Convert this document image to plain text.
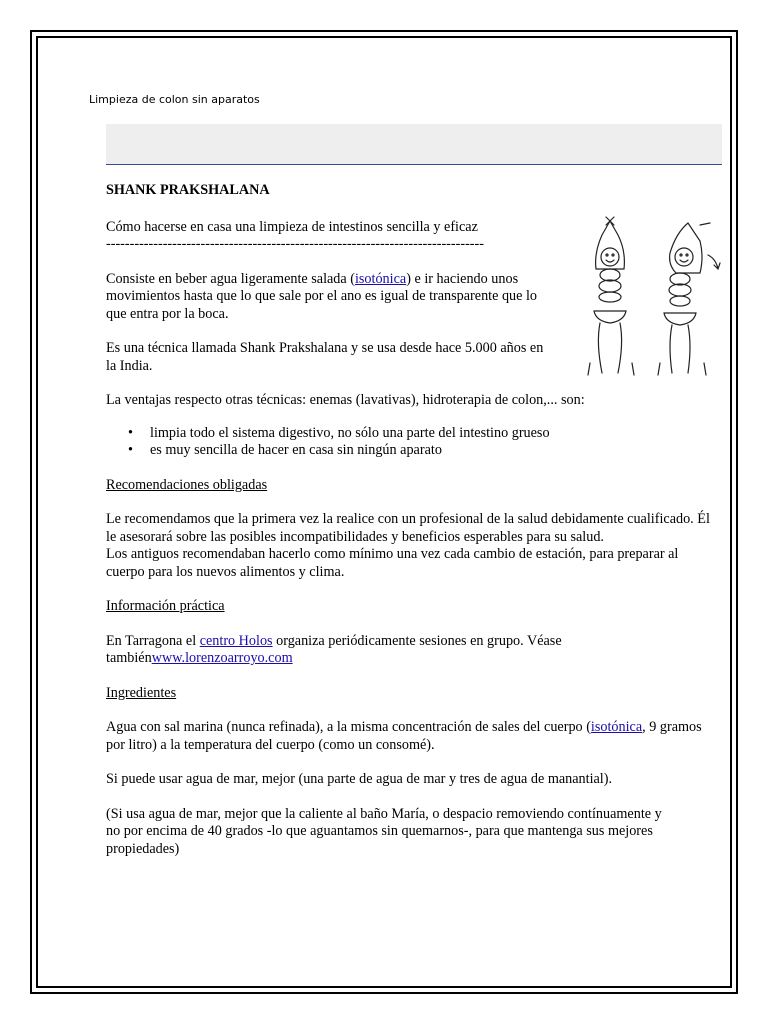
Limpieza de colon sin aparatos

SHANK PRAKSHALANA

Cómo hacerse en casa una limpieza de intestinos sencilla y eficaz

--------------------------------------------------------------------------------

Consiste en beber agua ligeramente salada (isotónica) e ir haciendo unos movimientos hasta que lo que sale por el ano es igual de transparente que lo que entra por la boca.

Es una técnica llamada Shank Prakshalana y se usa desde hace 5.000 años en la India.

La ventajas respecto otras técnicas: enemas (lavativas), hidroterapia de colon,... son:

• limpia todo el sistema digestivo, no sólo una parte del intestino grueso
• es muy sencilla de hacer en casa sin ningún aparato

Recomendaciones obligadas

Le recomendamos que la primera vez la realice con un profesional de la salud debidamente cualificado. Él le asesorará sobre las posibles incompatibilidades y beneficios esperables para su salud.

Los antiguos recomendaban hacerlo como mínimo una vez cada cambio de estación, para preparar al cuerpo para los nuevos alimentos y clima.

Información práctica

En Tarragona el centro Holos organiza periódicamente sesiones en grupo. Véase tambiénwww.lorenzoarroyo.com

Ingredientes

Agua con sal marina (nunca refinada), a la misma concentración de sales del cuerpo (isotónica, 9 gramos por litro) a la temperatura del cuerpo (como un consomé).

Si puede usar agua de mar, mejor (una parte de agua de mar y tres de agua de manantial).

(Si usa agua de mar, mejor que la caliente al baño María, o despacio removiendo contínuamente y no por encima de 40 grados -lo que aguantamos sin quemarnos-, para que mantenga sus mejores propiedades)
